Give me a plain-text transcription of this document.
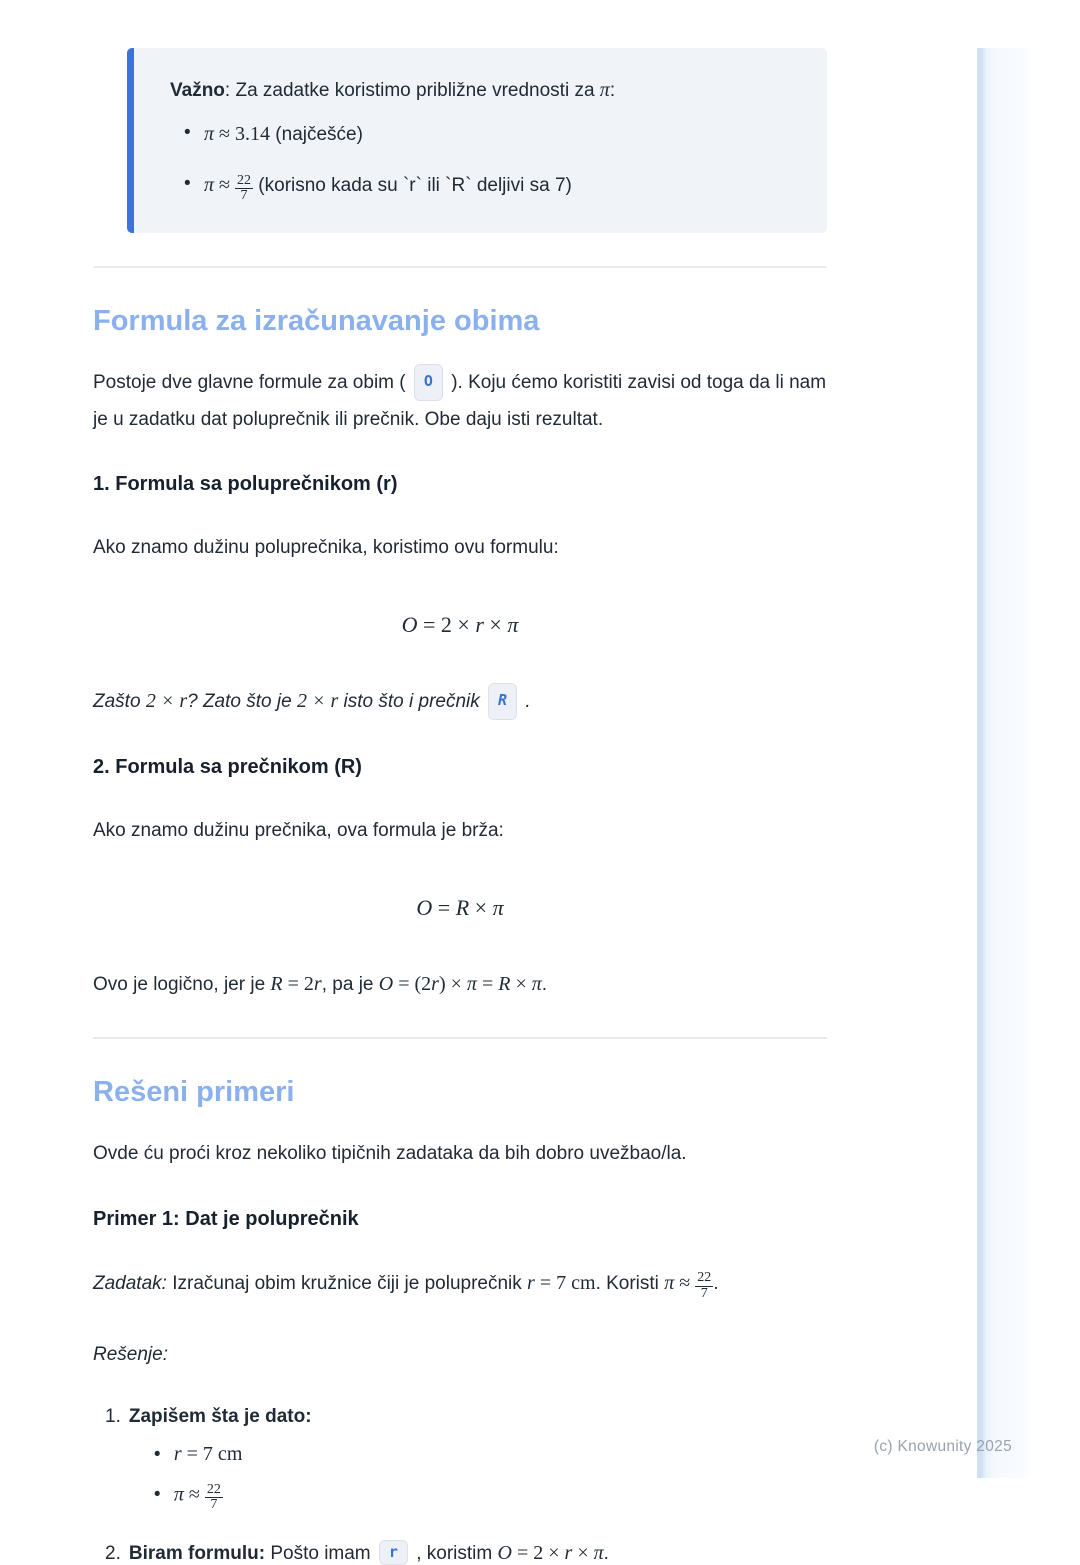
Važno: Za zadatke koristimo približne vrednosti za π:
• π ≈ 3.14 (najčešće)
• $\pi \approx \frac{22}{7}$ (korisno kada su `r` ili `R` deljivi sa 7)
Formula za izračunavanje obima

Postoje dve glavne formule za obim ( O ). Koju ćemo koristiti zavisi od toga da li nam je u zadatku dat poluprečnik ili prečnik. Obe daju isti rezultat.

1. Formula sa poluprečnikom (r)

Ako znamo dužinu poluprečnika, koristimo ovu formulu:

O = 2 × r × π

Zašto 2 × r? Zato što je 2 × r isto što i prečnik R .

2. Formula sa prečnikom (R)

Ako znamo dužinu prečnika, ova formula je brža:

O = R × π

Ovo je logično, jer je R = 2r, pa je O = (2r) × π = R × π.

Rešeni primeri

Ovde ću proći kroz nekoliko tipičnih zadataka da bih dobro uvežbao/la.

Primer 1: Dat je poluprečnik

Zadatak: Izračunaj obim kružnice čiji je poluprečnik r = 7 cm. Koristi $\pi \approx \frac{22}{7}$ .

Rešenje:

1. Zapišem šta je dato:
• r = 7 cm
• $\pi \approx \frac{22}{7}$
2. Biram formulu: Pošto imam r , koristim O = 2 × r × π.
(c) Knowunity 2025
